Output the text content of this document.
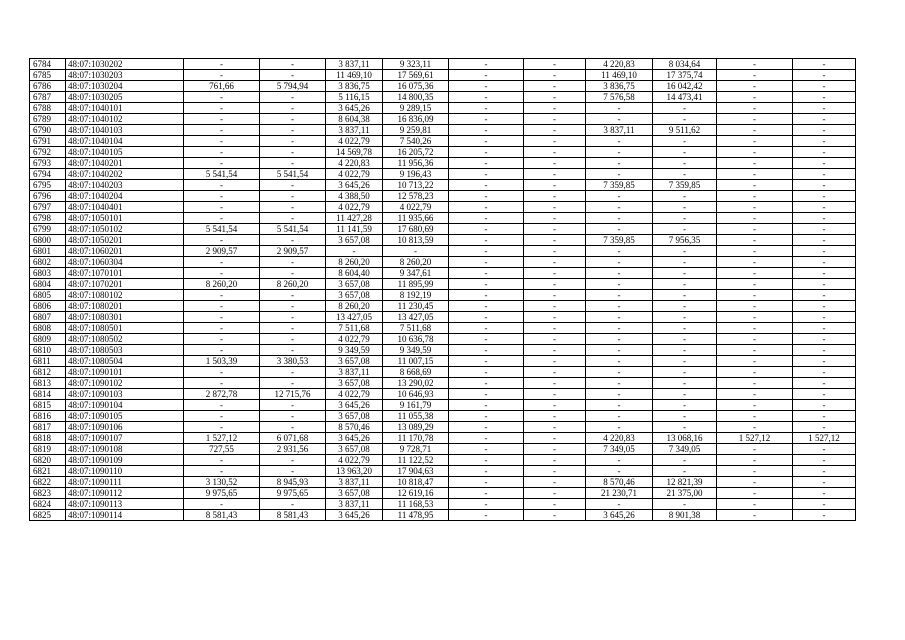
6784	48:07:1030202	-	-	3 837,11	9 323,11	-	-	4 220,83	8 034,64	-	-
6785	48:07:1030203	-	-	11 469,10	17 569,61	-	-	11 469,10	17 375,74	-	-
6786	48:07:1030204	761,66	5 794,94	3 836,75	16 075,36	-	-	3 836,75	16 042,42	-	-
6787	48:07:1030205	-	-	5 116,15	14 800,35	-	-	7 576,58	14 473,41	-	-
6788	48:07:1040101	-	-	3 645,26	9 289,15	-	-	-	-	-	-
6789	48:07:1040102	-	-	8 604,38	16 836,09	-	-	-	-	-	-
6790	48:07:1040103	-	-	3 837,11	9 259,81	-	-	3 837,11	9 511,62	-	-
6791	48:07:1040104	-	-	4 022,79	7 540,26	-	-	-	-	-	-
6792	48:07:1040105	-	-	14 569,78	16 205,72	-	-	-	-	-	-
6793	48:07:1040201	-	-	4 220,83	11 956,36	-	-	-	-	-	-
6794	48:07:1040202	5 541,54	5 541,54	4 022,79	9 196,43	-	-	-	-	-	-
6795	48:07:1040203	-	-	3 645,26	10 713,22	-	-	7 359,85	7 359,85	-	-
6796	48:07:1040204	-	-	4 388,50	12 578,23	-	-	-	-	-	-
6797	48:07:1040401	-	-	4 022,79	4 022,79	-	-	-	-	-	-
6798	48:07:1050101	-	-	11 427,28	11 935,66	-	-	-	-	-	-
6799	48:07:1050102	5 541,54	5 541,54	11 141,59	17 680,69	-	-	-	-	-	-
6800	48:07:1050201	-	-	3 657,08	10 813,59	-	-	7 359,85	7 956,35	-	-
6801	48:07:1060201	2 909,57	2 909,57	-	-	-	-	-	-	-	-
6802	48:07:1060304	-	-	8 260,20	8 260,20	-	-	-	-	-	-
6803	48:07:1070101	-	-	8 604,40	9 347,61	-	-	-	-	-	-
6804	48:07:1070201	8 260,20	8 260,20	3 657,08	11 895,99	-	-	-	-	-	-
6805	48:07:1080102	-	-	3 657,08	8 192,19	-	-	-	-	-	-
6806	48:07:1080201	-	-	8 260,20	11 230,45	-	-	-	-	-	-
6807	48:07:1080301	-	-	13 427,05	13 427,05	-	-	-	-	-	-
6808	48:07:1080501	-	-	7 511,68	7 511,68	-	-	-	-	-	-
6809	48:07:1080502	-	-	4 022,79	10 636,78	-	-	-	-	-	-
6810	48:07:1080503	-	-	9 349,59	9 349,59	-	-	-	-	-	-
6811	48:07:1080504	1 503,39	3 380,53	3 657,08	11 007,15	-	-	-	-	-	-
6812	48:07:1090101	-	-	3 837,11	8 668,69	-	-	-	-	-	-
6813	48:07:1090102	-	-	3 657,08	13 290,02	-	-	-	-	-	-
6814	48:07:1090103	2 872,78	12 715,76	4 022,79	10 646,93	-	-	-	-	-	-
6815	48:07:1090104	-	-	3 645,26	9 161,79	-	-	-	-	-	-
6816	48:07:1090105	-	-	3 657,08	11 055,38	-	-	-	-	-	-
6817	48:07:1090106	-	-	8 570,46	13 089,29	-	-	-	-	-	-
6818	48:07:1090107	1 527,12	6 071,68	3 645,26	11 170,78	-	-	4 220,83	13 068,16	1 527,12	1 527,12
6819	48:07:1090108	727,55	2 931,56	3 657,08	9 728,71	-	-	7 349,05	7 349,05	-	-
6820	48:07:1090109	-	-	4 022,79	11 122,52	-	-	-	-	-	-
6821	48:07:1090110	-	-	13 963,20	17 904,63	-	-	-	-	-	-
6822	48:07:1090111	3 130,52	8 945,93	3 837,11	10 818,47	-	-	8 570,46	12 821,39	-	-
6823	48:07:1090112	9 975,65	9 975,65	3 657,08	12 619,16	-	-	21 230,71	21 375,00	-	-
6824	48:07:1090113	-	-	3 837,11	11 168,53	-	-	-	-	-	-
6825	48:07:1090114	8 581,43	8 581,43	3 645,26	11 478,95	-	-	3 645,26	8 901,38	-	-
